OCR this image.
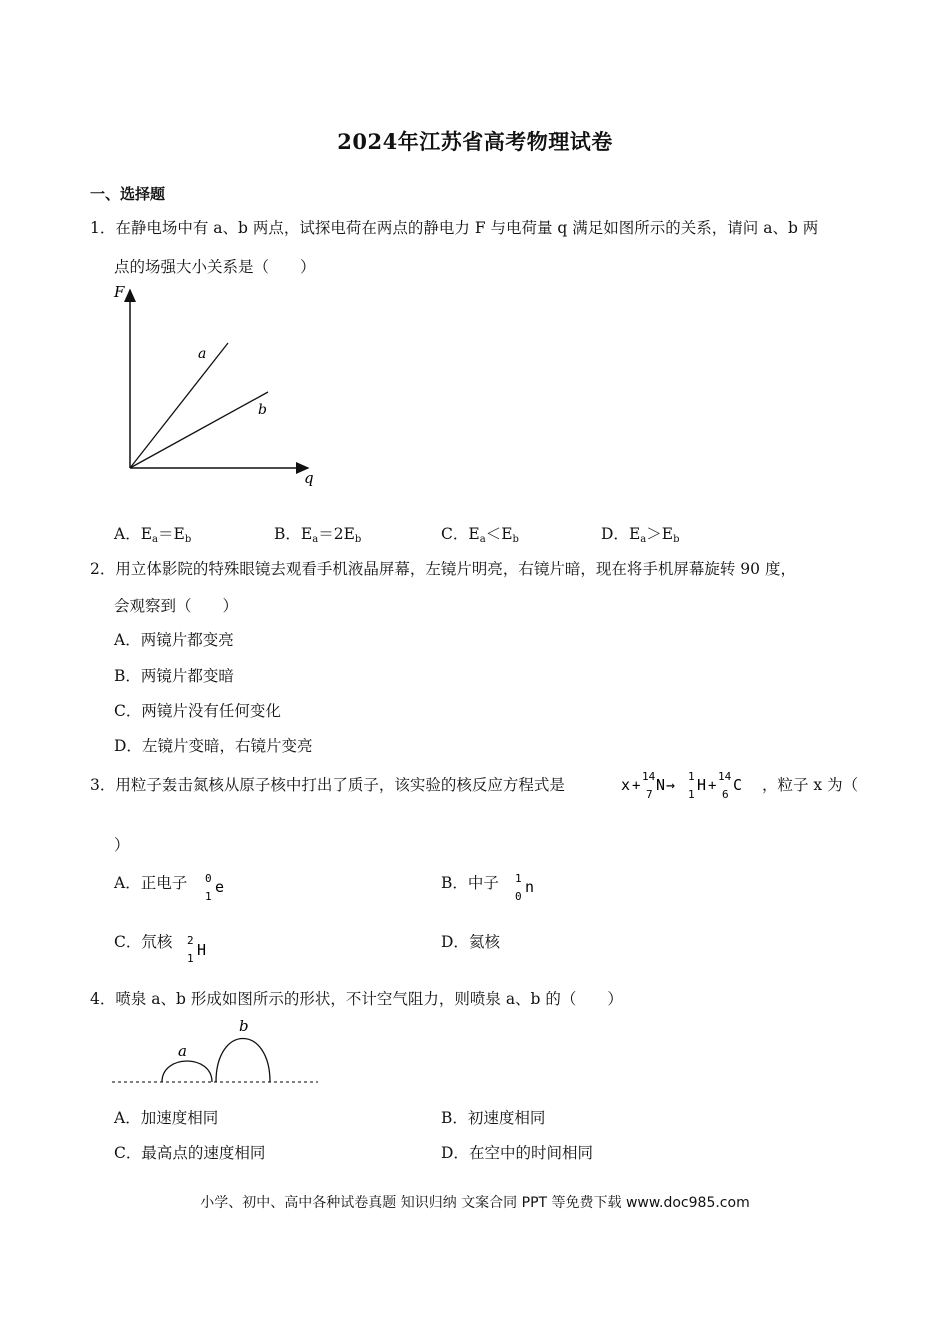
2024年江苏省高考物理试卷
一、选择题
1．在静电场中有 a、b 两点，试探电荷在两点的静电力 F 与电荷量 q 满足如图所示的关系，请问 a、b 两
点的场强大小关系是（　　）
F
q
a
b
A．$E_a=E_b$	B．$E_a=2E_b$	C．$E_a<E_b$	D．$E_a>E_b$
2．用立体影院的特殊眼镜去观看手机液晶屏幕，左镜片明亮，右镜片暗，现在将手机屏幕旋转 90 度，
会观察到（　　）
A．两镜片都变亮
B．两镜片都变暗
C．两镜片没有任何变化
D．左镜片变暗，右镜片变亮
3．用粒子轰击氮核从原子核中打出了质子，该实验的核反应方程式是	x +
14
7
N → 1
1
H +
14
6
C ，粒子 x 为（
）
A．正电子 0
1
e	B．中子 1
0
n
C．氘核 2
1 H	D．氦核
4．喷泉 a、b 形成如图所示的形状，不计空气阻力，则喷泉 a、b 的（　　）
a
b
A．加速度相同	B．初速度相同
C．最高点的速度相同	D．在空中的时间相同
小学、初中、高中各种试卷真题 知识归纳 文案合同 PPT 等免费下载 www.doc985.com
